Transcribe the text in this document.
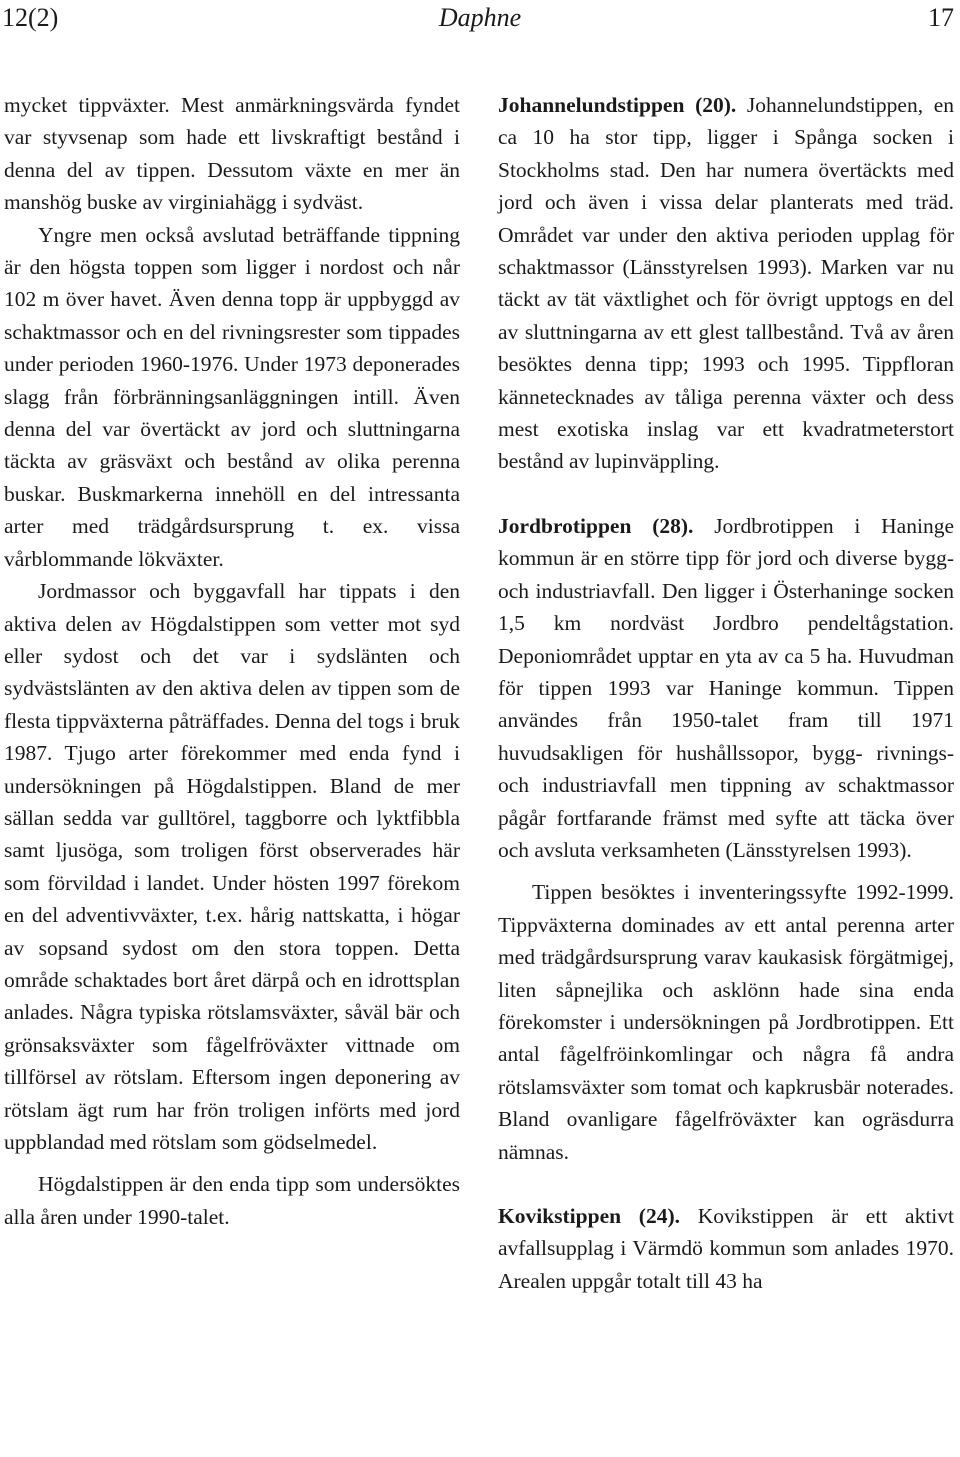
12(2)	Daphne	17

mycket tippväxter. Mest anmärkningsvärda fyndet var styvsenap som hade ett livskraftigt bestånd i denna del av tippen. Dessutom växte en mer än manshög buske av virginiahägg i sydväst.

Yngre men också avslutad beträffande tippning är den högsta toppen som ligger i nordost och når 102 m över havet. Även denna topp är uppbyggd av schaktmassor och en del rivningsrester som tippades under perioden 1960-1976. Under 1973 deponerades slagg från förbränningsanläggningen intill. Även denna del var övertäckt av jord och sluttningarna täckta av gräsväxt och bestånd av olika perenna buskar. Buskmarkerna innehöll en del intressanta arter med trädgårdsursprung t. ex. vissa vårblommande lökväxter.

Jordmassor och byggavfall har tippats i den aktiva delen av Högdalstippen som vetter mot syd eller sydost och det var i sydslänten och sydvästslänten av den aktiva delen av tippen som de flesta tippväxterna påträffades. Denna del togs i bruk 1987. Tjugo arter förekommer med enda fynd i undersökningen på Högdalstippen. Bland de mer sällan sedda var gulltörel, taggborre och lyktfibbla samt ljusöga, som troligen först observerades här som förvildad i landet. Under hösten 1997 förekom en del adventivväxter, t.ex. hårig nattskatta, i högar av sopsand sydost om den stora toppen. Detta område schaktades bort året därpå och en idrottsplan anlades. Några typiska rötslamsväxter, såväl bär och grönsaksväxter som fågelfröväxter vittnade om tillförsel av rötslam. Eftersom ingen deponering av rötslam ägt rum har frön troligen införts med jord uppblandad med rötslam som gödselmedel.

Högdalstippen är den enda tipp som undersöktes alla åren under 1990-talet.

Johannelundstippen (20). Johannelundstippen, en ca 10 ha stor tipp, ligger i Spånga socken i Stockholms stad. Den har numera övertäckts med jord och även i vissa delar planterats med träd. Området var under den aktiva perioden upplag för schaktmassor (Länsstyrelsen 1993). Marken var nu täckt av tät växtlighet och för övrigt upptogs en del av sluttningarna av ett glest tallbestånd. Två av åren besöktes denna tipp; 1993 och 1995. Tippfloran kännetecknades av tåliga perenna växter och dess mest exotiska inslag var ett kvadratmeterstort bestånd av lupinväppling.

Jordbrotippen (28). Jordbrotippen i Haninge kommun är en större tipp för jord och diverse bygg- och industriavfall. Den ligger i Österhaninge socken 1,5 km nordväst Jordbro pendeltågstation. Deponiområdet upptar en yta av ca 5 ha. Huvudman för tippen 1993 var Haninge kommun. Tippen användes från 1950-talet fram till 1971 huvudsakligen för hushållssopor, bygg- rivnings- och industriavfall men tippning av schaktmassor pågår fortfarande främst med syfte att täcka över och avsluta verksamheten (Länsstyrelsen 1993).

Tippen besöktes i inventeringssyfte 1992-1999. Tippväxterna dominades av ett antal perenna arter med trädgårdsursprung varav kaukasisk förgätmigej, liten såpnejlika och asklönn hade sina enda förekomster i undersökningen på Jordbrotippen. Ett antal fågelfröinkomlingar och några få andra rötslamsväxter som tomat och kapkrusbär noterades. Bland ovanligare fågelfröväxter kan ogräsdurra nämnas.

Kovikstippen (24). Kovikstippen är ett aktivt avfallsupplag i Värmdö kommun som anlades 1970. Arealen uppgår totalt till 43 ha
